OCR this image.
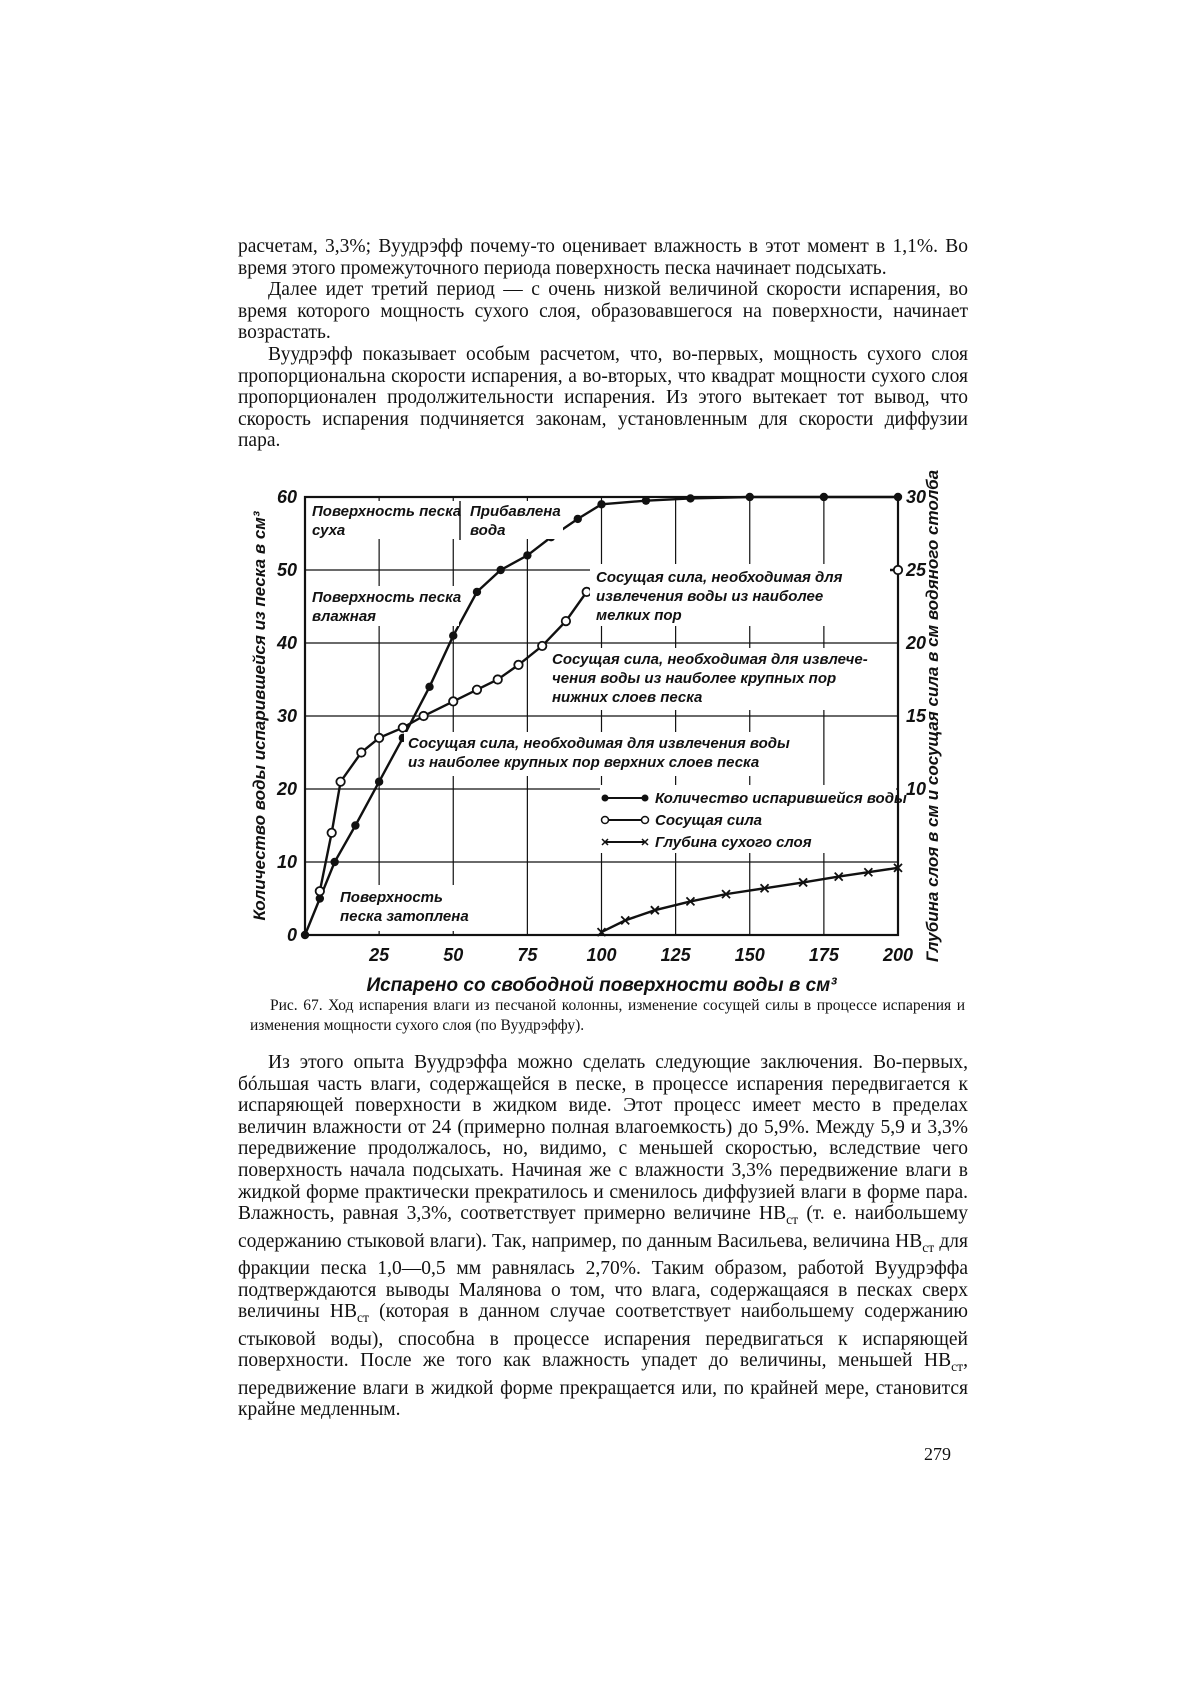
расчетам, 3,3%; Вуудрэфф почему-то оценивает влажность в этот момент в 1,1%. Во время этого промежуточного периода поверхность песка начинает подсыхать.

Далее идет третий период — с очень низкой величиной скорости испарения, во время которого мощность сухого слоя, образовавшегося на поверхности, начинает возрастать.

Вуудрэфф показывает особым расчетом, что, во-первых, мощность сухого слоя пропорциональна скорости испарения, а во-вторых, что квадрат мощности сухого слоя пропорционален продолжительности испарения. Из этого вытекает тот вывод, что скорость испарения подчиняется законам, установленным для скорости диффузии пара.

25	50	75	100 125 150 175 200
0
10
20
30
40
50
60
10
15
20
25
30
Испарено со свободной поверхности воды в см³
Количество воды испарившейся из песка в см³	Глубина слоя в см и сосущая сила в см водяного столба
Поверхность песка
суха
Прибавлена
вода
Поверхность песка
влажная
Сосущая сила, необходимая для
извлечения воды из наиболее
мелких пор
Сосущая сила, необходимая для извлече-
чения воды из наиболее крупных пор
нижних слоев песка
Сосущая сила, необходимая для извлечения воды
из наиболее крупных пор верхних слоев песка
Поверхность
песка затоплена
Количество испарившейся воды
Сосущая сила
Глубина сухого слоя

Рис. 67. Ход испарения влаги из песчаной колонны, изменение сосущей силы в процессе испарения и изменения мощности сухого слоя (по Вуудрэффу).

Из этого опыта Вуудрэффа можно сделать следующие заключения. Во-первых, бóльшая часть влаги, содержащейся в песке, в процессе испарения передвигается к испаряющей поверхности в жидком виде. Этот процесс имеет место в пределах величин влажности от 24 (примерно полная влагоемкость) до 5,9%. Между 5,9 и 3,3% передвижение продолжалось, но, видимо, с меньшей скоростью, вследствие чего поверхность начала подсыхать. Начиная же с влажности 3,3% передвижение влаги в жидкой форме практически прекратилось и сменилось диффузией влаги в форме пара. Влажность, равная 3,3%, соответствует примерно величине $НВ_{ст}$ (т. е. наибольшему содержанию стыковой влаги). Так, например, по данным Васильева, величина $НВ_{ст}$ для фракции песка 1,0—0,5 мм равнялась 2,70%. Таким образом, работой Вуудрэффа подтверждаются выводы Малянова о том, что влага, содержащаяся в песках сверх величины $НВ_{ст}$ (которая в данном случае соответствует наибольшему содержанию стыковой воды), способна в процессе испарения передвигаться к испаряющей поверхности. После же того как влажность упадет до величины, меньшей $НВ_{ст}$, передвижение влаги в жидкой форме прекращается или, по крайней мере, становится крайне медленным.

279
